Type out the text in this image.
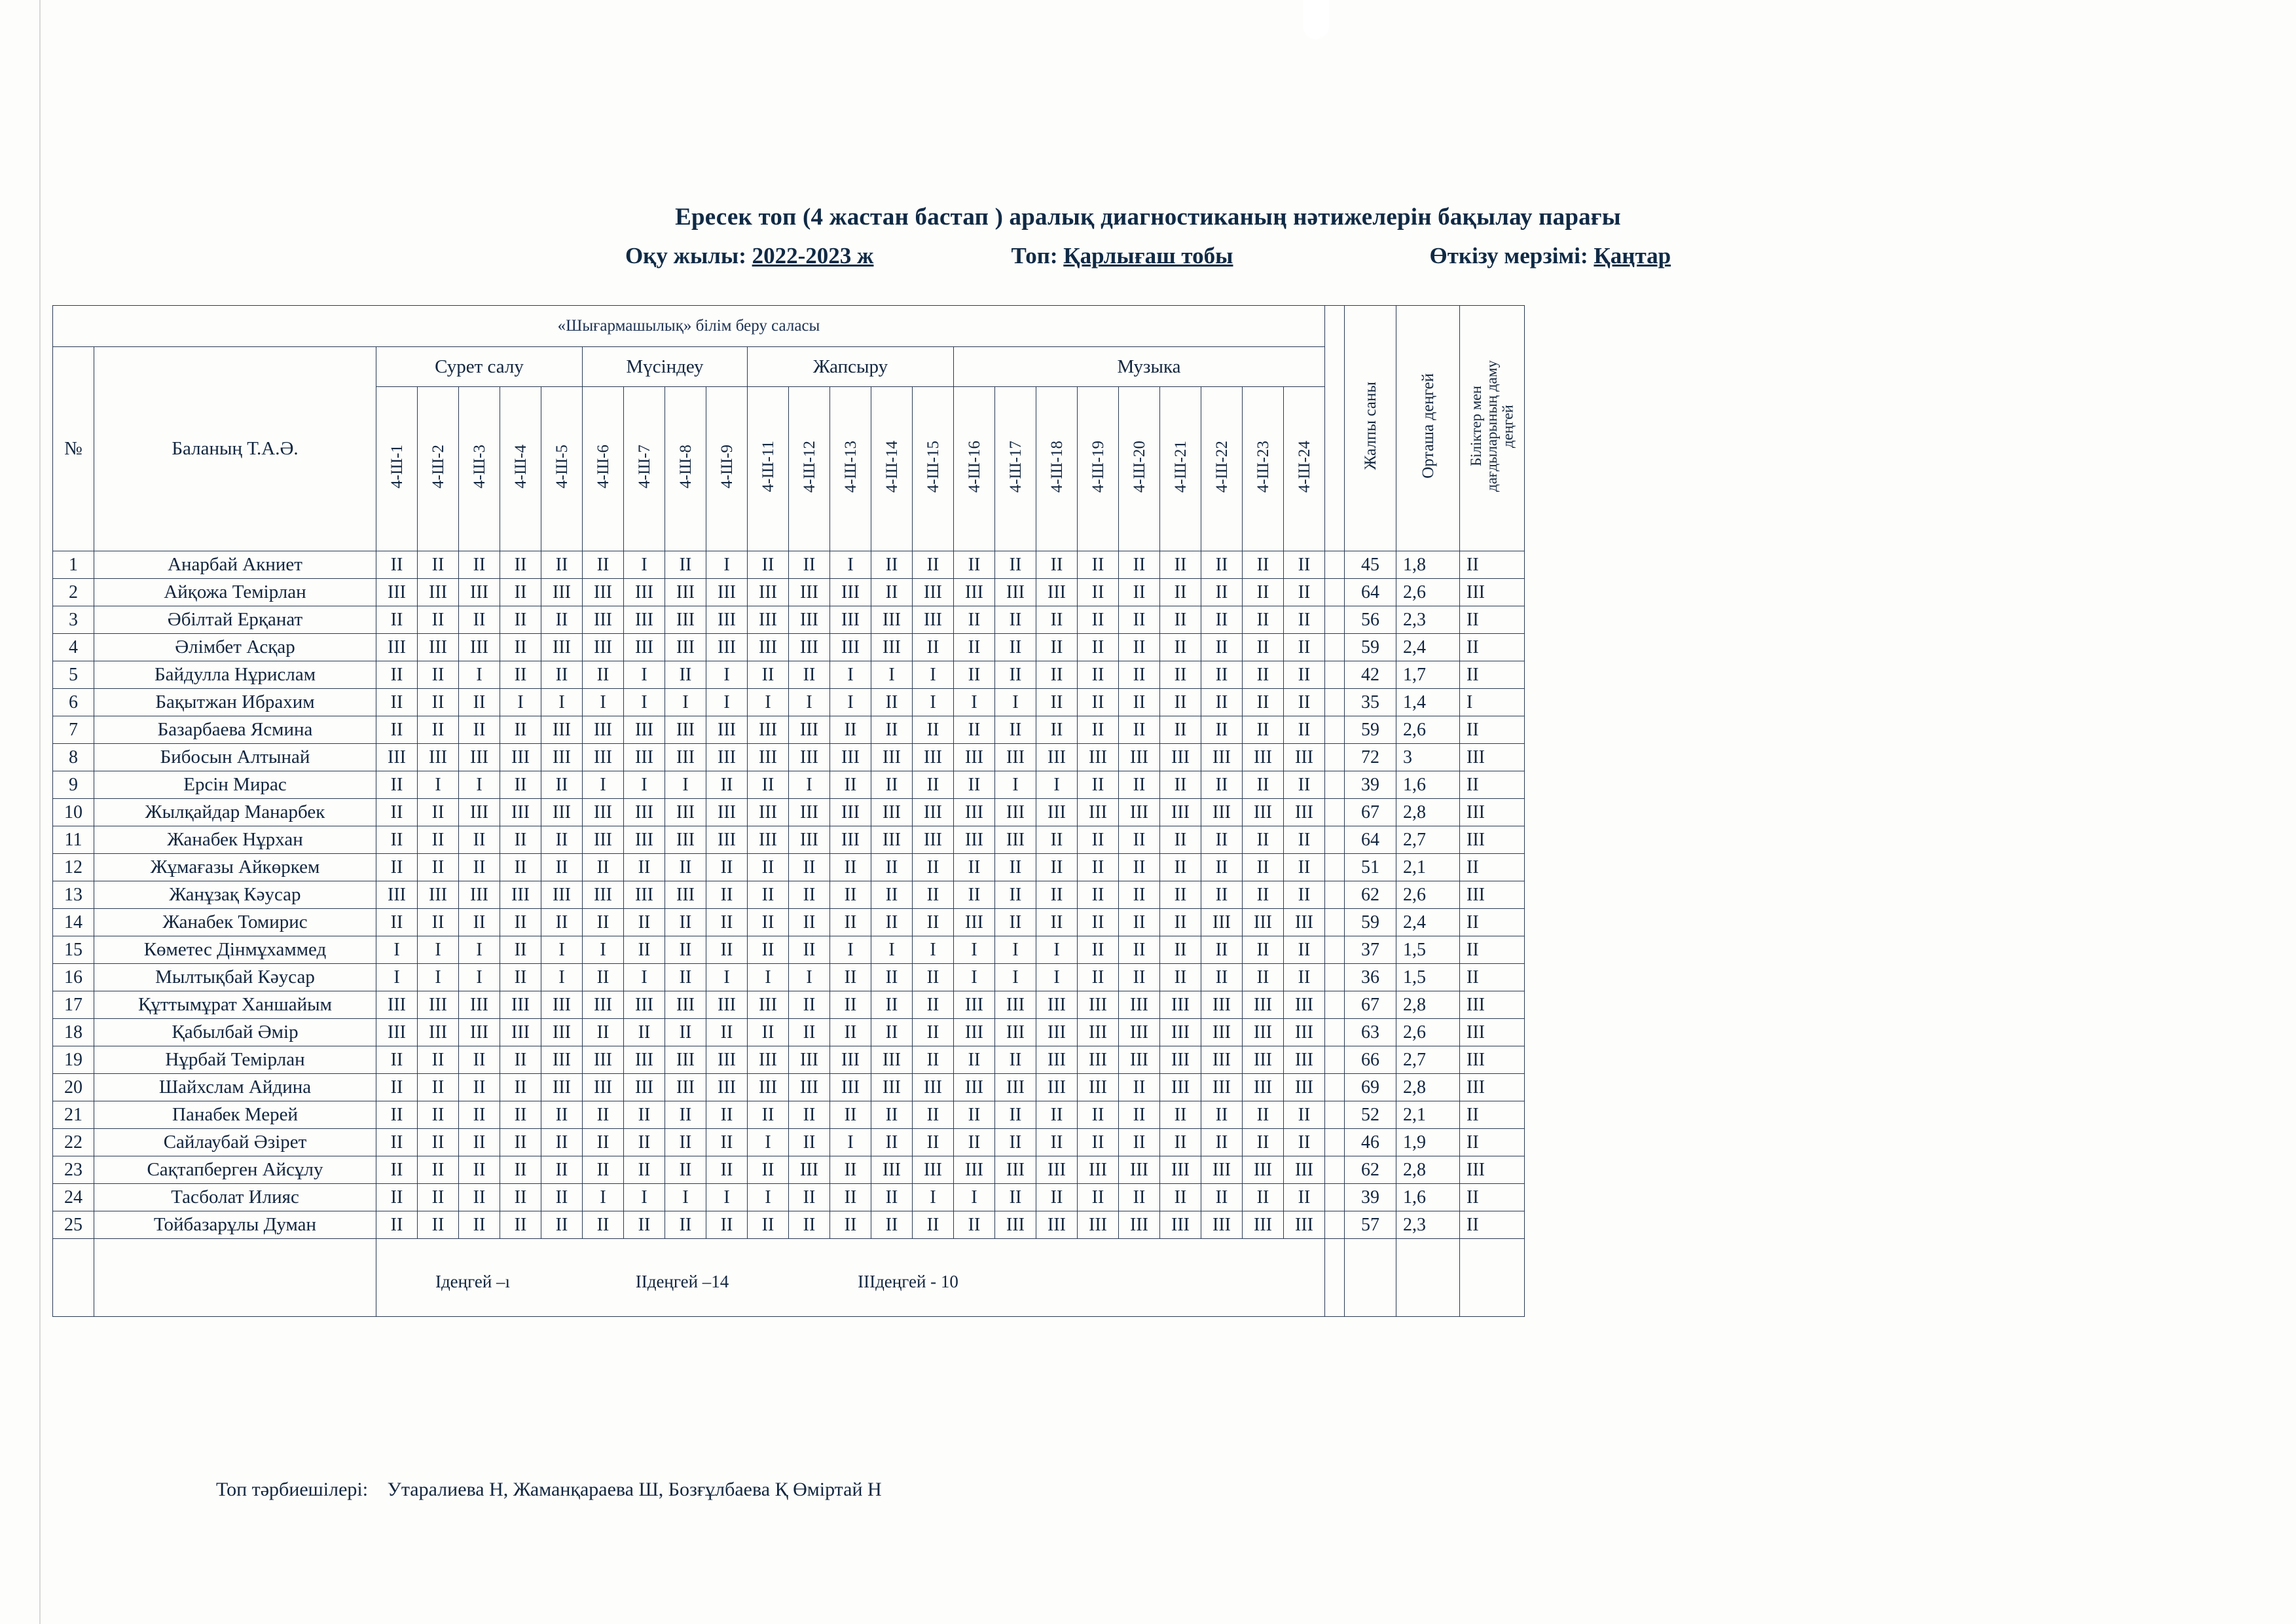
Ересек топ (4 жастан бастап ) аралық диагностиканың нәтижелерін бақылау парағы
Оқу жылы: 2022-2023 ж	Топ: Қарлығаш тобы	Өткізу мерзімі: Қаңтар
«Шығармашылық» білім беру саласы																										Жалпы саны	Орташа деңгей	Біліктер мен дағдыларының даму деңгей
№	Баланың Т.А.Ә.	Сурет салу					Мүсіндеу				Жапсыру					Музыка												
		4-Ш-1	4-Ш-2	4-Ш-3	4-Ш-4	4-Ш-5	4-Ш-6	4-Ш-7	4-Ш-8	4-Ш-9	4-Ш-11	4-Ш-12	4-Ш-13	4-Ш-14	4-Ш-15	4-Ш-16	4-Ш-17	4-Ш-18	4-Ш-19	4-Ш-20	4-Ш-21	4-Ш-22	4-Ш-23	4-Ш-24				
1	Анарбай Акниет	II	II	II	II	II	II	I	II	I	II	II	I	II	II	II	II	II	II	II	II	II	II	II		45	1,8	II
2	Айқожа Темірлан	III	III	III	II	III	III	III	III	III	III	III	III	II	III	III	III	III	II	II	II	II	II	II		64	2,6	III
3	Әбілтай Ерқанат	II	II	II	II	II	III	III	III	III	III	III	III	III	III	II	II	II	II	II	II	II	II	II		56	2,3	II
4	Әлімбет Асқар	III	III	III	II	III	III	III	III	III	III	III	III	III	II	II	II	II	II	II	II	II	II	II		59	2,4	II
5	Байдулла Нұрислам	II	II	I	II	II	II	I	II	I	II	II	I	I	I	II	II	II	II	II	II	II	II	II		42	1,7	II
6	Бақытжан Ибрахим	II	II	II	I	I	I	I	I	I	I	I	I	II	I	I	I	II	II	II	II	II	II	II		35	1,4	I
7	Базарбаева Ясмина	II	II	II	II	III	III	III	III	III	III	III	II	II	II	II	II	II	II	II	II	II	II	II		59	2,6	II
8	Бибосын Алтынай	III	III	III	III	III	III	III	III	III	III	III	III	III	III	III	III	III	III	III	III	III	III	III		72	3	III
9	Ерсін Мирас	II	I	I	II	II	I	I	I	II	II	I	II	II	II	II	I	I	II	II	II	II	II	II		39	1,6	II
10	Жылқайдар Манарбек	II	II	III	III	III	III	III	III	III	III	III	III	III	III	III	III	III	III	III	III	III	III	III		67	2,8	III
11	Жанабек Нұрхан	II	II	II	II	II	III	III	III	III	III	III	III	III	III	III	III	II	II	II	II	II	II	II		64	2,7	III
12	Жұмағазы Айкөркем	II	II	II	II	II	II	II	II	II	II	II	II	II	II	II	II	II	II	II	II	II	II	II		51	2,1	II
13	Жанұзақ Кәусар	III	III	III	III	III	III	III	III	II	II	II	II	II	II	II	II	II	II	II	II	II	II	II		62	2,6	III
14	Жанабек Томирис	II	II	II	II	II	II	II	II	II	II	II	II	II	II	III	II	II	II	II	II	III	III	III		59	2,4	II
15	Көметес Дінмұхаммед	I	I	I	II	I	I	II	II	II	II	II	I	I	I	I	I	I	II	II	II	II	II	II		37	1,5	II
16	Мылтықбай Кәусар	I	I	I	II	I	II	I	II	I	I	I	II	II	II	I	I	I	II	II	II	II	II	II		36	1,5	II
17	Құттымұрат Ханшайым	III	III	III	III	III	III	III	III	III	III	II	II	II	II	III	III	III	III	III	III	III	III	III		67	2,8	III
18	Қабылбай Әмір	III	III	III	III	III	II	II	II	II	II	II	II	II	II	III	III	III	III	III	III	III	III	III		63	2,6	III
19	Нұрбай Темірлан	II	II	II	II	III	III	III	III	III	III	III	III	III	II	II	II	III	III	III	III	III	III	III		66	2,7	III
20	Шайхслам Айдина	II	II	II	II	III	III	III	III	III	III	III	III	III	III	III	III	III	III	II	III	III	III	III		69	2,8	III
21	Панабек Мерей	II	II	II	II	II	II	II	II	II	II	II	II	II	II	II	II	II	II	II	II	II	II	II		52	2,1	II
22	Сайлаубай Әзірет	II	II	II	II	II	II	II	II	II	I	II	I	II	II	II	II	II	II	II	II	II	II	II		46	1,9	II
23	Сақтапберген Айсұлу	II	II	II	II	II	II	II	II	II	II	III	II	III	III	III	III	III	III	III	III	III	III	III		62	2,8	III
24	Тасболат Илияс	II	II	II	II	II	I	I	I	I	I	II	II	II	I	I	II	II	II	II	II	II	II	II		39	1,6	II
25	Тойбазарұлы Думан	II	II	II	II	II	II	II	II	II	II	II	II	II	II	II	III	III	III	III	III	III	III	III		57	2,3	II

		Iдеңгей –ı IIдеңгей –14 IIIдеңгей - 10																										

Топ тәрбиешілері: Утаралиева Н, Жаманқараева Ш, Бозғұлбаева Қ Өміртай Н
